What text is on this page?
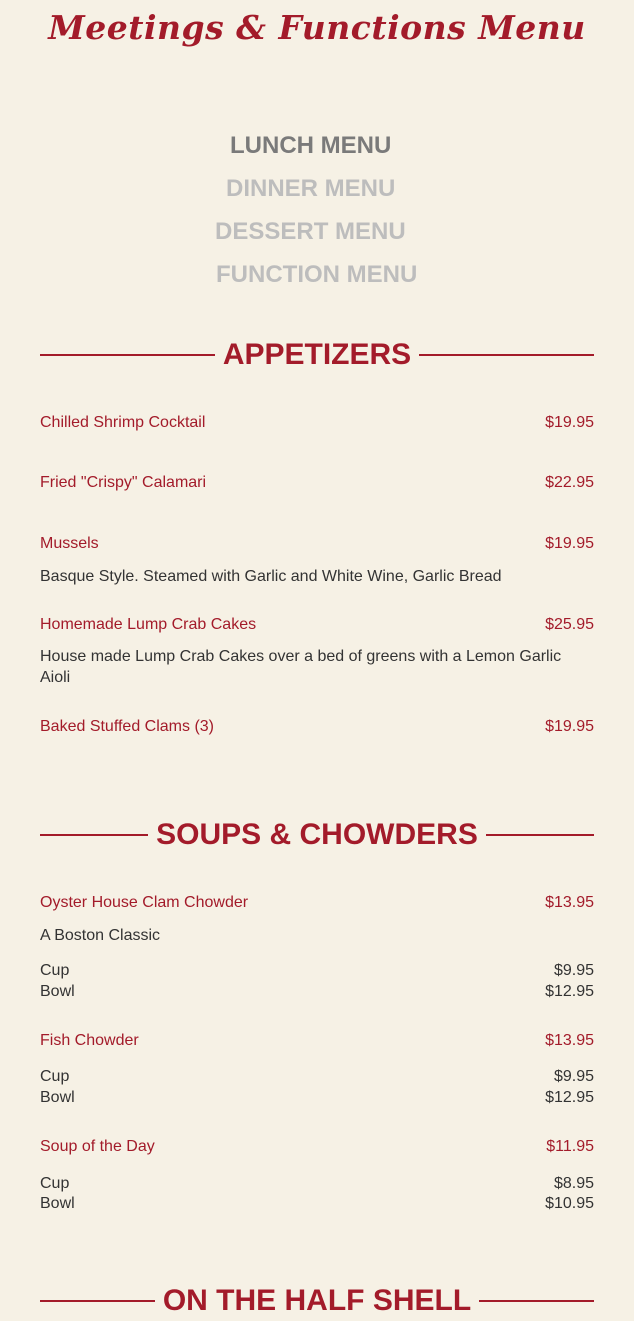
Meetings & Functions Menu
LUNCH MENU
DINNER MENU
DESSERT MENU
FUNCTION MENU
APPETIZERS
Chilled Shrimp Cocktail	$19.95
Fried "Crispy" Calamari	$22.95
Mussels	$19.95
Basque Style. Steamed with Garlic and White Wine, Garlic Bread
Homemade Lump Crab Cakes	$25.95
House made Lump Crab Cakes over a bed of greens with a Lemon Garlic Aioli
Baked Stuffed Clams (3)	$19.95
SOUPS & CHOWDERS
Oyster House Clam Chowder	$13.95
A Boston Classic
Cup	$9.95
Bowl	$12.95
Fish Chowder	$13.95
Cup	$9.95
Bowl	$12.95
Soup of the Day	$11.95
Cup	$8.95
Bowl	$10.95
ON THE HALF SHELL
